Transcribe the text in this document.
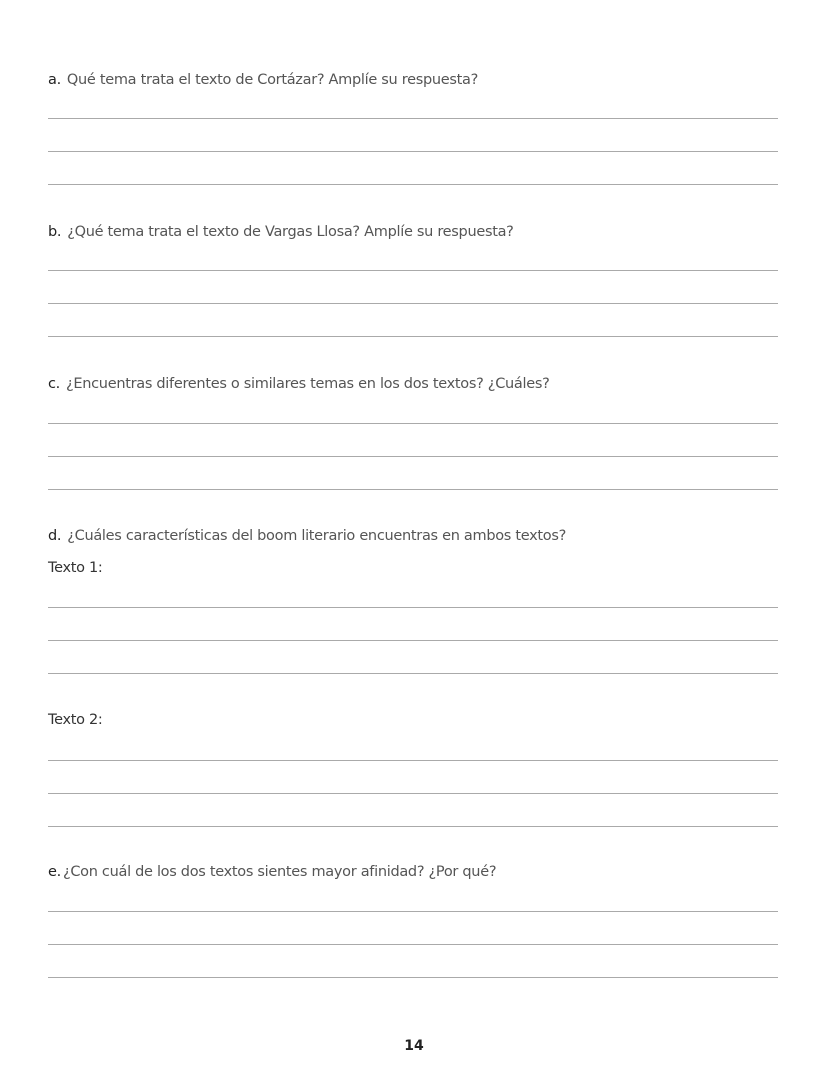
a. Qué tema trata el texto de Cortázar? Amplíe su respuesta?
b. ¿Qué tema trata el texto de Vargas Llosa? Amplíe su respuesta?
c. ¿Encuentras diferentes o similares temas en los dos textos? ¿Cuáles?
d. ¿Cuáles características del boom literario encuentras en ambos textos?
Texto 1:
Texto 2:
e. ¿Con cuál de los dos textos sientes mayor afinidad? ¿Por qué?
14
